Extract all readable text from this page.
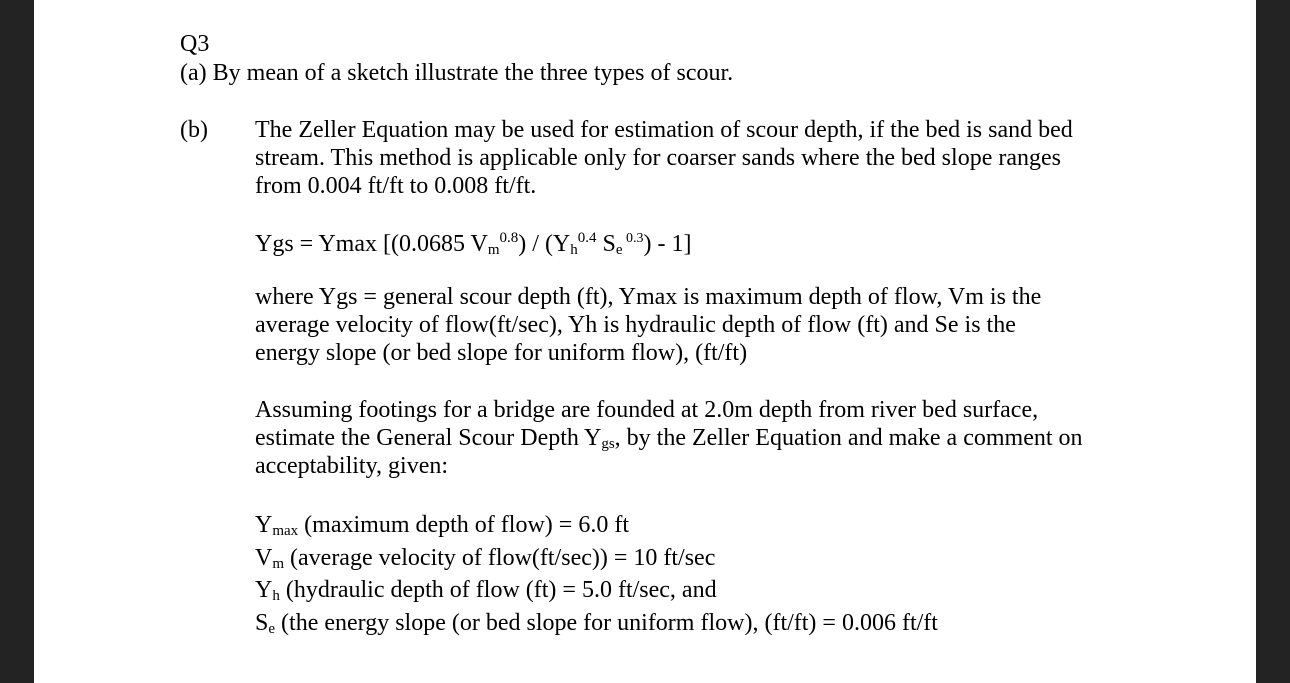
Q3
(a) By mean of a sketch illustrate the three types of scour.
(b) The Zeller Equation may be used for estimation of scour depth, if the bed is sand bed

stream. This method is applicable only for coarser sands where the bed slope ranges

from 0.004 ft/ft to 0.008 ft/ft.

Ygs = Ymax [(0.0685 $V_m^{0.8}) / (Y_h^{0.4}$ $S_e$ $^{0.3}$) - 1]

where Ygs = general scour depth (ft), Ymax is maximum depth of flow, Vm is the

average velocity of flow(ft/sec), Yh is hydraulic depth of flow (ft) and Se is the

energy slope (or bed slope for uniform flow), (ft/ft)

Assuming footings for a bridge are founded at 2.0m depth from river bed surface,

estimate the General Scour Depth $Y_{gs}$, by the Zeller Equation and make a comment on

acceptability, given:

$Y_{max}$ (maximum depth of flow) = 6.0 ft

$V_m$ (average velocity of flow(ft/sec)) = 10 ft/sec

$Y_h$ (hydraulic depth of flow (ft) = 5.0 ft/sec, and

$S_e$ (the energy slope (or bed slope for uniform flow), (ft/ft) = 0.006 ft/ft
